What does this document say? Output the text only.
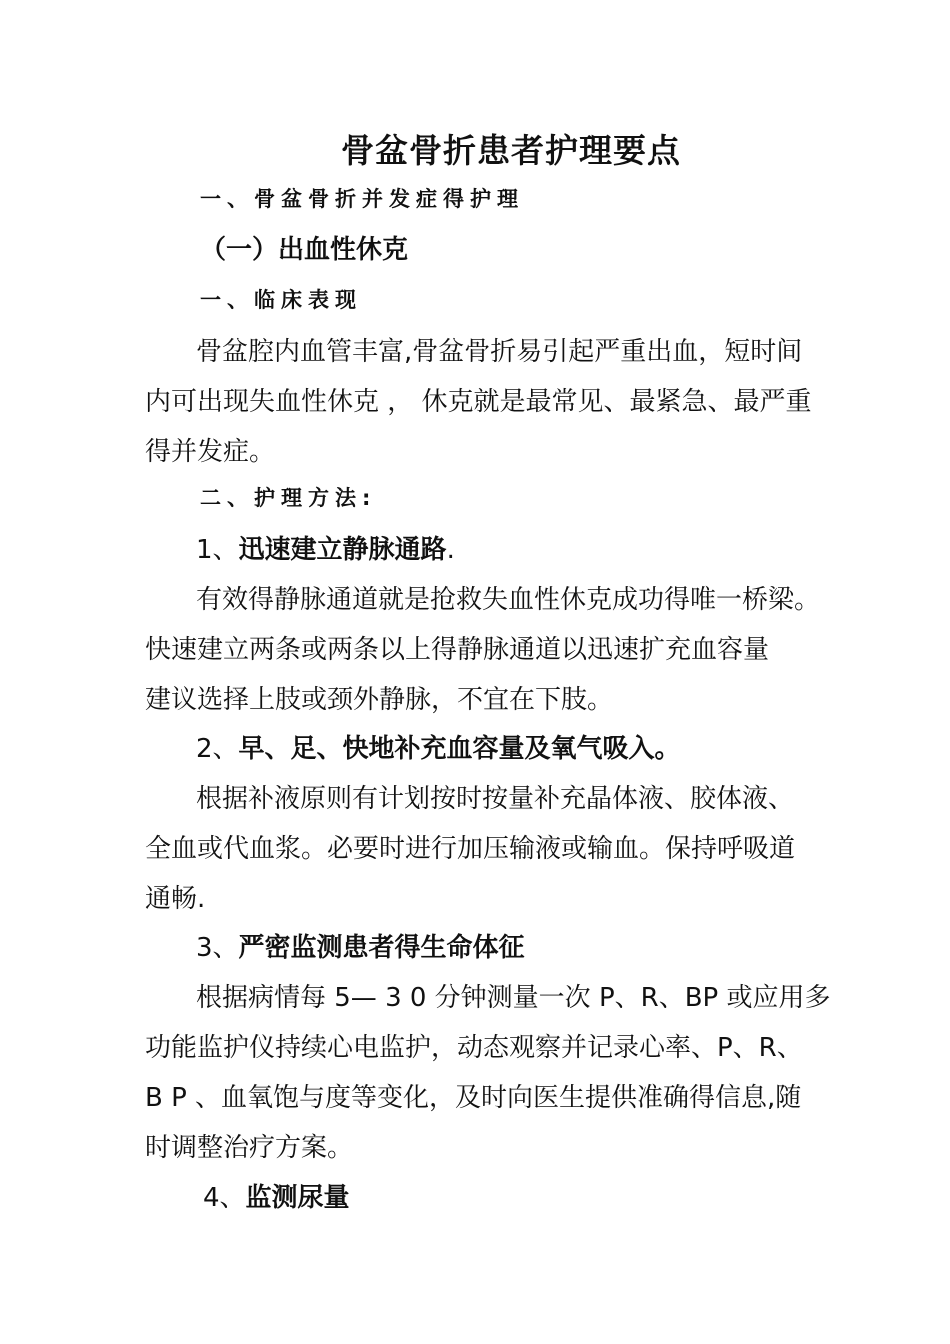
骨盆骨折患者护理要点
一、骨盆骨折并发症得护理
（一）出血性休克
一、临床表现
骨盆腔内血管丰富,骨盆骨折易引起严重出血，短时间
内可出现失血性休克 ， 休克就是最常见、最紧急、最严重
得并发症。
二、护理方法:
1、迅速建立静脉通路.
有效得静脉通道就是抢救失血性休克成功得唯一桥梁。
快速建立两条或两条以上得静脉通道以迅速扩充血容量
建议选择上肢或颈外静脉，不宜在下肢。
2、早、足、快地补充血容量及氧气吸入。
根据补液原则有计划按时按量补充晶体液、胶体液、
全血或代血浆。必要时进行加压输液或输血。保持呼吸道
通畅.
3、严密监测患者得生命体征
根据病情每 5— 3 0 分钟测量一次 P、R、BP 或应用多
功能监护仪持续心电监护，动态观察并记录心率、P、R、
B P 、血氧饱与度等变化，及时向医生提供准确得信息,随
时调整治疗方案。
4、监测尿量
